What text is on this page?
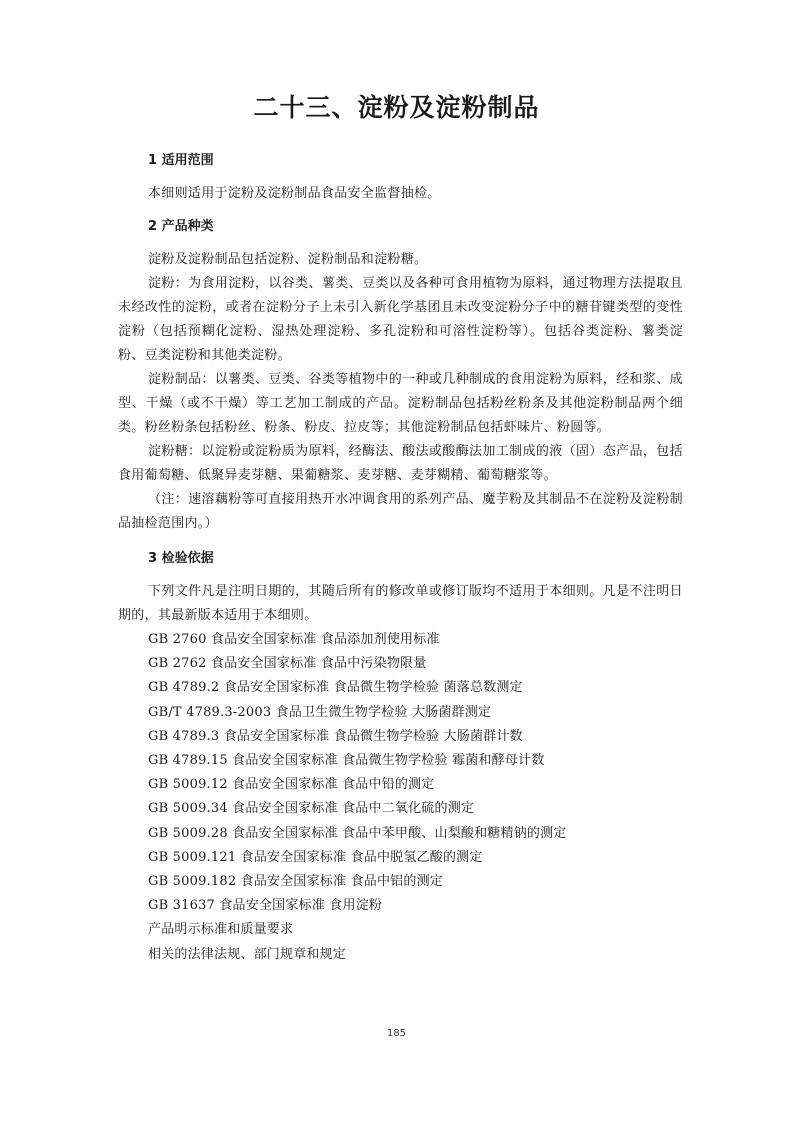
二十三、淀粉及淀粉制品
1 适用范围

本细则适用于淀粉及淀粉制品食品安全监督抽检。

2 产品种类

淀粉及淀粉制品包括淀粉、淀粉制品和淀粉糖。

淀粉：为食用淀粉，以谷类、薯类、豆类以及各种可食用植物为原料，通过物理方法提取且未经改性的淀粉，或者在淀粉分子上未引入新化学基团且未改变淀粉分子中的糖苷键类型的变性淀粉（包括预糊化淀粉、湿热处理淀粉、多孔淀粉和可溶性淀粉等）。包括谷类淀粉、薯类淀粉、豆类淀粉和其他类淀粉。

淀粉制品：以薯类、豆类、谷类等植物中的一种或几种制成的食用淀粉为原料，经和浆、成型、干燥（或不干燥）等工艺加工制成的产品。淀粉制品包括粉丝粉条及其他淀粉制品两个细类。粉丝粉条包括粉丝、粉条、粉皮、拉皮等；其他淀粉制品包括虾味片、粉圆等。

淀粉糖：以淀粉或淀粉质为原料，经酶法、酸法或酸酶法加工制成的液（固）态产品，包括食用葡萄糖、低聚异麦芽糖、果葡糖浆、麦芽糖、麦芽糊精、葡萄糖浆等。

（注：速溶藕粉等可直接用热开水冲调食用的系列产品、魔芋粉及其制品不在淀粉及淀粉制品抽检范围内。）

3 检验依据

下列文件凡是注明日期的，其随后所有的修改单或修订版均不适用于本细则。凡是不注明日期的，其最新版本适用于本细则。

GB 2760 食品安全国家标准 食品添加剂使用标准

GB 2762 食品安全国家标准 食品中污染物限量

GB 4789.2 食品安全国家标准 食品微生物学检验 菌落总数测定

GB/T 4789.3-2003 食品卫生微生物学检验 大肠菌群测定

GB 4789.3 食品安全国家标准 食品微生物学检验 大肠菌群计数

GB 4789.15 食品安全国家标准 食品微生物学检验 霉菌和酵母计数

GB 5009.12 食品安全国家标准 食品中铅的测定

GB 5009.34 食品安全国家标准 食品中二氧化硫的测定

GB 5009.28 食品安全国家标准 食品中苯甲酸、山梨酸和糖精钠的测定

GB 5009.121 食品安全国家标准 食品中脱氢乙酸的测定

GB 5009.182 食品安全国家标准 食品中铝的测定

GB 31637 食品安全国家标准 食用淀粉

产品明示标准和质量要求

相关的法律法规、部门规章和规定

185
